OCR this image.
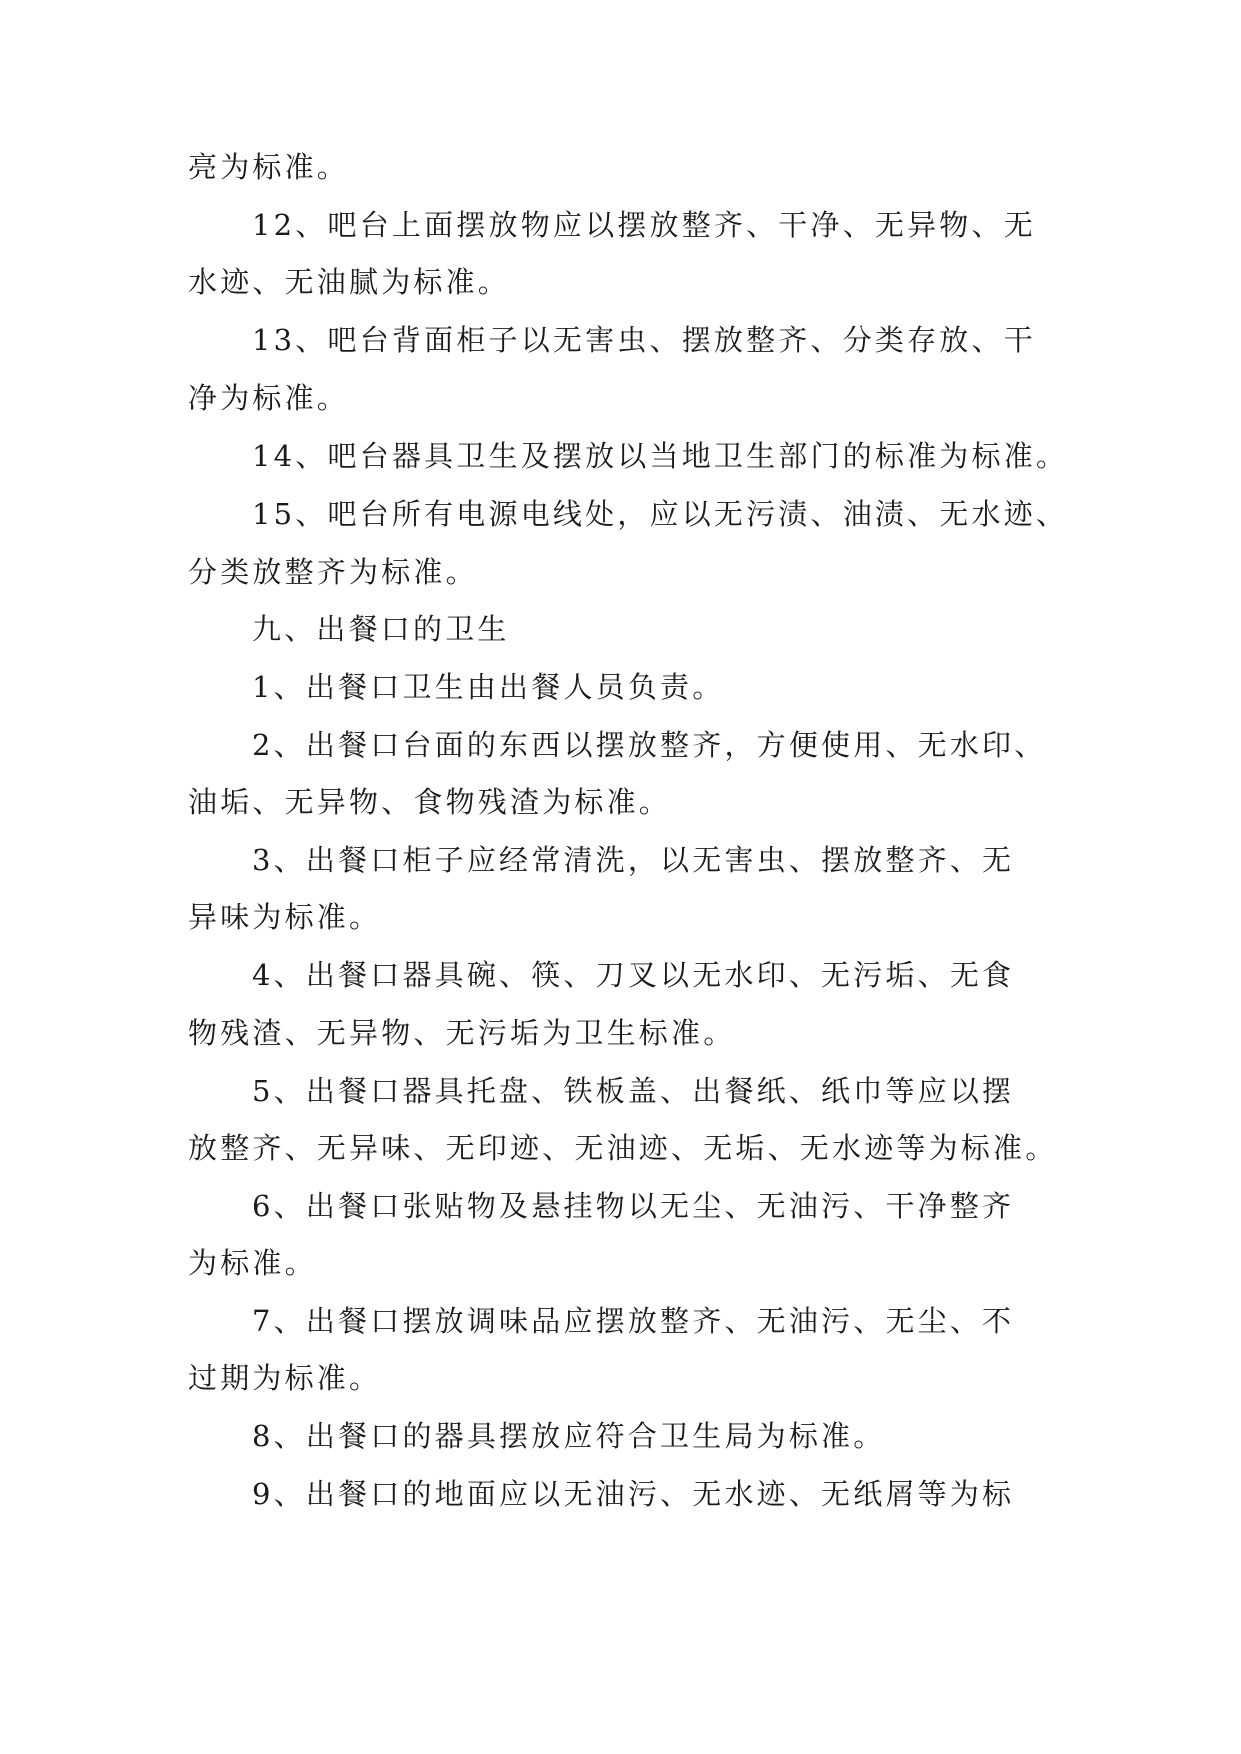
亮为标准。
12、吧台上面摆放物应以摆放整齐、干净、无异物、无
水迹、无油腻为标准。
13、吧台背面柜子以无害虫、摆放整齐、分类存放、干
净为标准。
14、吧台器具卫生及摆放以当地卫生部门的标准为标准。
15、吧台所有电源电线处，应以无污渍、油渍、无水迹、
分类放整齐为标准。
九、出餐口的卫生
1、出餐口卫生由出餐人员负责。
2、出餐口台面的东西以摆放整齐，方便使用、无水印、
油垢、无异物、食物残渣为标准。
3、出餐口柜子应经常清洗，以无害虫、摆放整齐、无
异味为标准。
4、出餐口器具碗、筷、刀叉以无水印、无污垢、无食
物残渣、无异物、无污垢为卫生标准。
5、出餐口器具托盘、铁板盖、出餐纸、纸巾等应以摆
放整齐、无异味、无印迹、无油迹、无垢、无水迹等为标准。
6、出餐口张贴物及悬挂物以无尘、无油污、干净整齐
为标准。
7、出餐口摆放调味品应摆放整齐、无油污、无尘、不
过期为标准。
8、出餐口的器具摆放应符合卫生局为标准。
9、出餐口的地面应以无油污、无水迹、无纸屑等为标
